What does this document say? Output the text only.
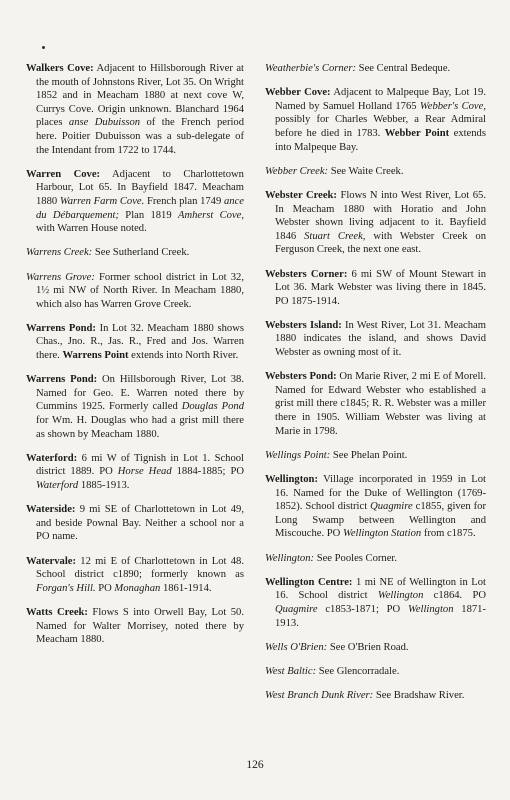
Walkers Cove: Adjacent to Hillsborough River at the mouth of Johnstons River, Lot 35. On Wright 1852 and in Meacham 1880 at next cove W, Currys Cove. Origin unknown. Blanchard 1964 places anse Dubuisson of the French period here. Poitier Dubuisson was a sub-delegate of the Intendant from 1722 to 1744.

Warren Cove: Adjacent to Charlottetown Harbour, Lot 65. In Bayfield 1847. Meacham 1880 Warren Farm Cove. French plan 1749 ance du Débarquement; Plan 1819 Amherst Cove, with Warren House noted.

Warrens Creek: See Sutherland Creek.

Warrens Grove: Former school district in Lot 32, 1½ mi NW of North River. In Meacham 1880, which also has Warren Grove Creek.

Warrens Pond: In Lot 32. Meacham 1880 shows Chas., Jno. R., Jas. R., Fred and Jos. Warren there. Warrens Point extends into North River.

Warrens Pond: On Hillsborough River, Lot 38. Named for Geo. E. Warren noted there by Cummins 1925. Formerly called Douglas Pond for Wm. H. Douglas who had a grist mill there as shown by Meacham 1880.

Waterford: 6 mi W of Tignish in Lot 1. School district 1889. PO Horse Head 1884-1885; PO Waterford 1885-1913.

Waterside: 9 mi SE of Charlottetown in Lot 49, and beside Pownal Bay. Neither a school nor a PO name.

Watervale: 12 mi E of Charlottetown in Lot 48. School district c1890; formerly known as Forgan's Hill. PO Monaghan 1861-1914.

Watts Creek: Flows S into Orwell Bay, Lot 50. Named for Walter Morrisey, noted there by Meacham 1880.

Weatherbie's Corner: See Central Bedeque.

Webber Cove: Adjacent to Malpeque Bay, Lot 19. Named by Samuel Holland 1765 Webber's Cove, possibly for Charles Webber, a Rear Admiral before he died in 1783. Webber Point extends into Malpeque Bay.

Webber Creek: See Waite Creek.

Webster Creek: Flows N into West River, Lot 65. In Meacham 1880 with Horatio and John Webster shown living adjacent to it. Bayfield 1846 Stuart Creek, with Webster Creek on Ferguson Creek, the next one east.

Websters Corner: 6 mi SW of Mount Stewart in Lot 36. Mark Webster was living there in 1845. PO 1875-1914.

Websters Island: In West River, Lot 31. Meacham 1880 indicates the island, and shows David Webster as owning most of it.

Websters Pond: On Marie River, 2 mi E of Morell. Named for Edward Webster who established a grist mill there c1845; R. R. Webster was a miller there in 1905. William Webster was living at Marie in 1798.

Wellings Point: See Phelan Point.

Wellington: Village incorporated in 1959 in Lot 16. Named for the Duke of Wellington (1769-1852). School district Quagmire c1855, given for Long Swamp between Wellington and Miscouche. PO Wellington Station from c1875.

Wellington: See Pooles Corner.

Wellington Centre: 1 mi NE of Wellington in Lot 16. School district Wellington c1864. PO Quagmire c1853-1871; PO Wellington 1871-1913.

Wells O'Brien: See O'Brien Road.

West Baltic: See Glencorradale.

West Branch Dunk River: See Bradshaw River.

126
